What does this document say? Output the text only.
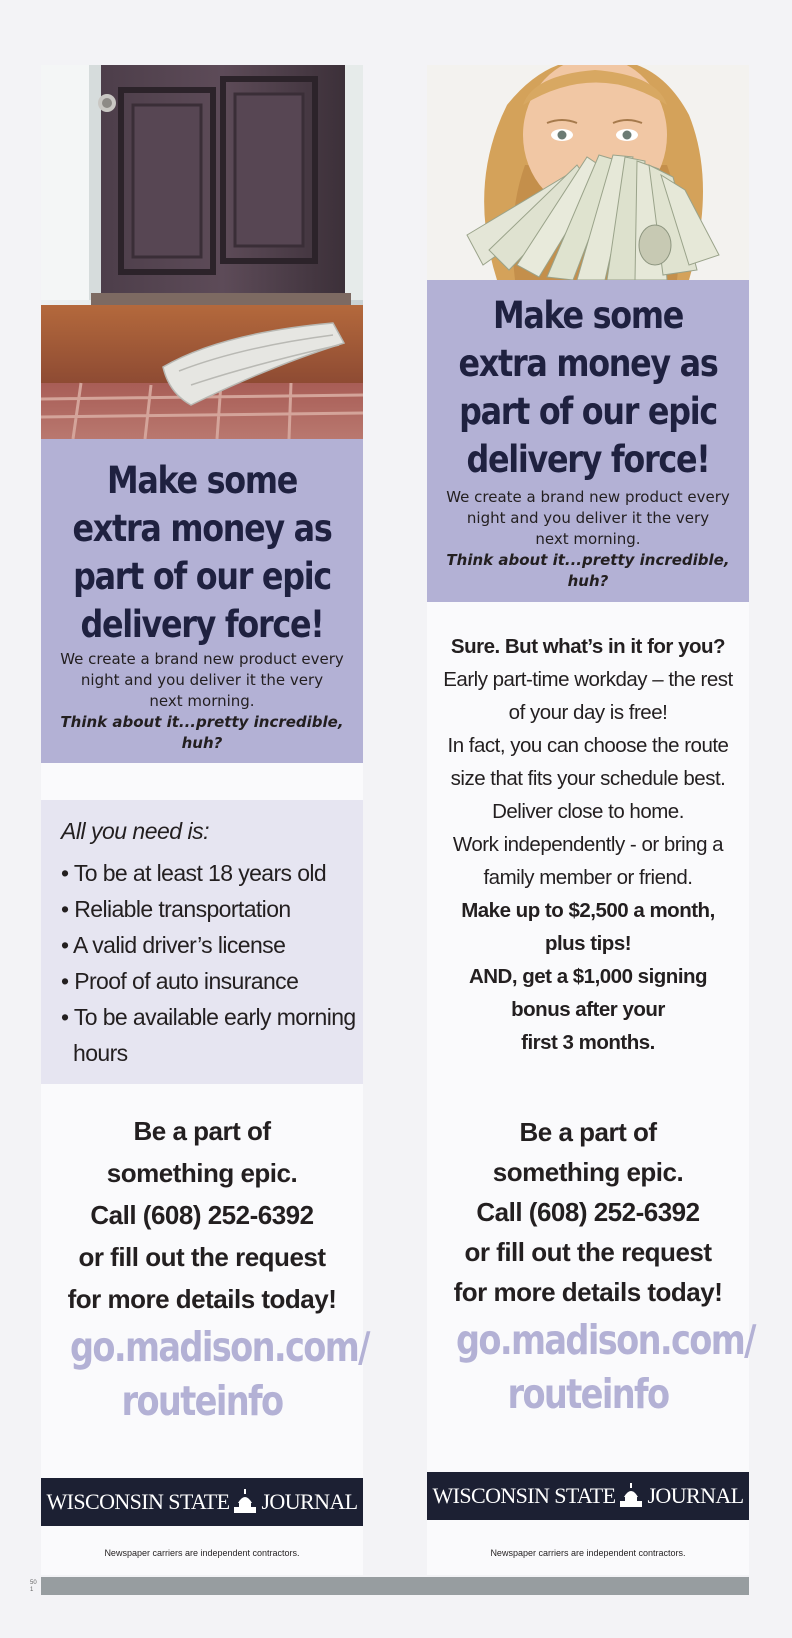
Make some
extra money as
part of our epic
delivery force!
We create a brand new product every
night and you deliver it the very
next morning.
Think about it...pretty incredible, huh?
All you need is:
• To be at least 18 years old
• Reliable transportation
• A valid driver’s license
• Proof of auto insurance
• To be available early morning hours
Be a part of
something epic.
Call (608) 252-6392
or fill out the request
for more details today!
go.madison.com/
routeinfo
WISCONSIN STATE JOURNAL
Newspaper carriers are independent contractors.
Make some
extra money as
part of our epic
delivery force!
We create a brand new product every
night and you deliver it the very
next morning.
Think about it...pretty incredible, huh?
Sure. But what’s in it for you?
Early part-time workday – the rest
of your day is free!
In fact, you can choose the route
size that fits your schedule best.
Deliver close to home.
Work independently - or bring a
family member or friend.
Make up to $2,500 a month,
plus tips!
AND, get a $1,000 signing
bonus after your
first 3 months.
Be a part of
something epic.
Call (608) 252-6392
or fill out the request
for more details today!
go.madison.com/
routeinfo
WISCONSIN STATE JOURNAL
Newspaper carriers are independent contractors.
50
1
